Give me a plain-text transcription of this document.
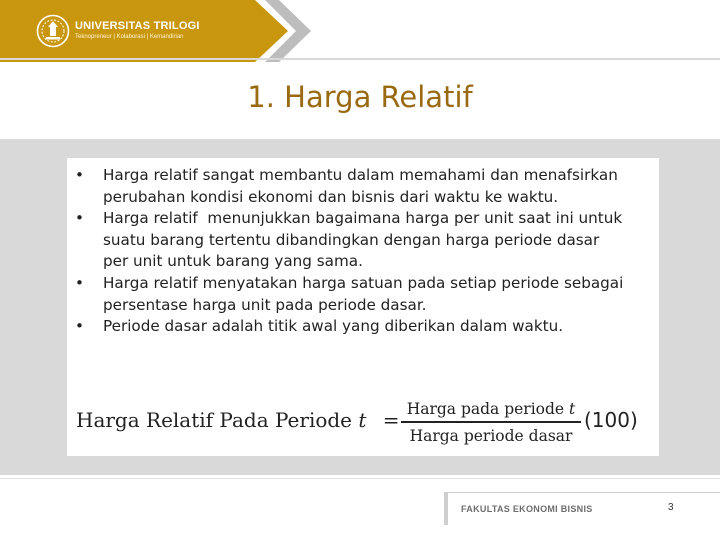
UNIVERSITAS TRILOGI
Teknopreneur | Kolaborasi | Kemandirian
1. Harga Relatif
• Harga relatif sangat membantu dalam memahami dan menafsirkan
perubahan kondisi ekonomi dan bisnis dari waktu ke waktu.
• Harga relatif  menunjukkan bagaimana harga per unit saat ini untuk
suatu barang tertentu dibandingkan dengan harga periode dasar
per unit untuk barang yang sama.
• Harga relatif menyatakan harga satuan pada setiap periode sebagai
persentase harga unit pada periode dasar.
• Periode dasar adalah titik awal yang diberikan dalam waktu.
Harga Relatif Pada Periode t = Harga pada periode t
Harga periode dasar
(100)
FAKULTAS EKONOMI BISNIS	3
